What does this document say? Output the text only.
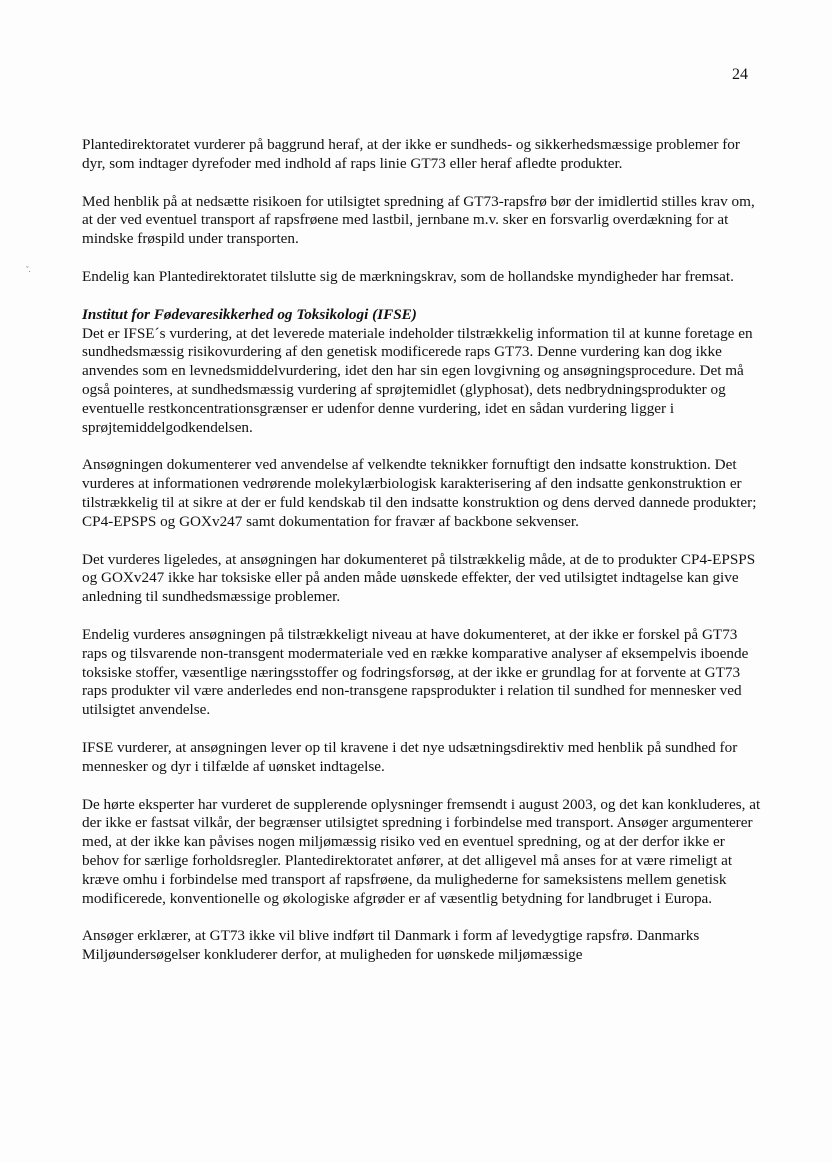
24
ˇ.

Plantedirektoratet vurderer på baggrund heraf, at der ikke er sundheds- og sikkerhedsmæssige problemer for dyr, som indtager dyrefoder med indhold af raps linie GT73 eller heraf afledte produkter.

Med henblik på at nedsætte risikoen for utilsigtet spredning af GT73-rapsfrø bør der imidlertid stilles krav om, at der ved eventuel transport af rapsfrøene med lastbil, jernbane m.v. sker en forsvarlig overdækning for at mindske frøspild under transporten.

Endelig kan Plantedirektoratet tilslutte sig de mærkningskrav, som de hollandske myndigheder har fremsat.

Institut for Fødevaresikkerhed og Toksikologi (IFSE)

Det er IFSE´s vurdering, at det leverede materiale indeholder tilstrækkelig information til at kunne foretage en sundhedsmæssig risikovurdering af den genetisk modificerede raps GT73. Denne vurdering kan dog ikke anvendes som en levnedsmiddelvurdering, idet den har sin egen lovgivning og ansøgningsprocedure. Det må også pointeres, at sundhedsmæssig vurdering af sprøjtemidlet (glyphosat), dets nedbrydningsprodukter og eventuelle restkoncentrationsgrænser er udenfor denne vurdering, idet en sådan vurdering ligger i sprøjtemiddelgodkendelsen.

Ansøgningen dokumenterer ved anvendelse af velkendte teknikker fornuftigt den indsatte konstruktion. Det vurderes at informationen vedrørende molekylærbiologisk karakterisering af den indsatte genkonstruktion er tilstrækkelig til at sikre at der er fuld kendskab til den indsatte konstruktion og dens derved dannede produkter; CP4-EPSPS og GOXv247 samt dokumentation for fravær af backbone sekvenser.

Det vurderes ligeledes, at ansøgningen har dokumenteret på tilstrækkelig måde, at de to produkter CP4-EPSPS og GOXv247 ikke har toksiske eller på anden måde uønskede effekter, der ved utilsigtet indtagelse kan give anledning til sundhedsmæssige problemer.

Endelig vurderes ansøgningen på tilstrækkeligt niveau at have dokumenteret, at der ikke er forskel på GT73 raps og tilsvarende non-transgent modermateriale ved en række komparative analyser af eksempelvis iboende toksiske stoffer, væsentlige næringsstoffer og fodringsforsøg, at der ikke er grundlag for at forvente at GT73 raps produkter vil være anderledes end non-transgene rapsprodukter i relation til sundhed for mennesker ved utilsigtet anvendelse.

IFSE vurderer, at ansøgningen lever op til kravene i det nye udsætningsdirektiv med henblik på sundhed for mennesker og dyr i tilfælde af uønsket indtagelse.

De hørte eksperter har vurderet de supplerende oplysninger fremsendt i august 2003, og det kan konkluderes, at der ikke er fastsat vilkår, der begrænser utilsigtet spredning i forbindelse med transport. Ansøger argumenterer med, at der ikke kan påvises nogen miljømæssig risiko ved en eventuel spredning, og at der derfor ikke er behov for særlige forholdsregler. Plantedirektoratet anfører, at det alligevel må anses for at være rimeligt at kræve omhu i forbindelse med transport af rapsfrøene, da mulighederne for sameksistens mellem genetisk modificerede, konventionelle og økologiske afgrøder er af væsentlig betydning for landbruget i Europa.

Ansøger erklærer, at GT73 ikke vil blive indført til Danmark i form af levedygtige rapsfrø. Danmarks Miljøundersøgelser konkluderer derfor, at muligheden for uønskede miljømæssige
